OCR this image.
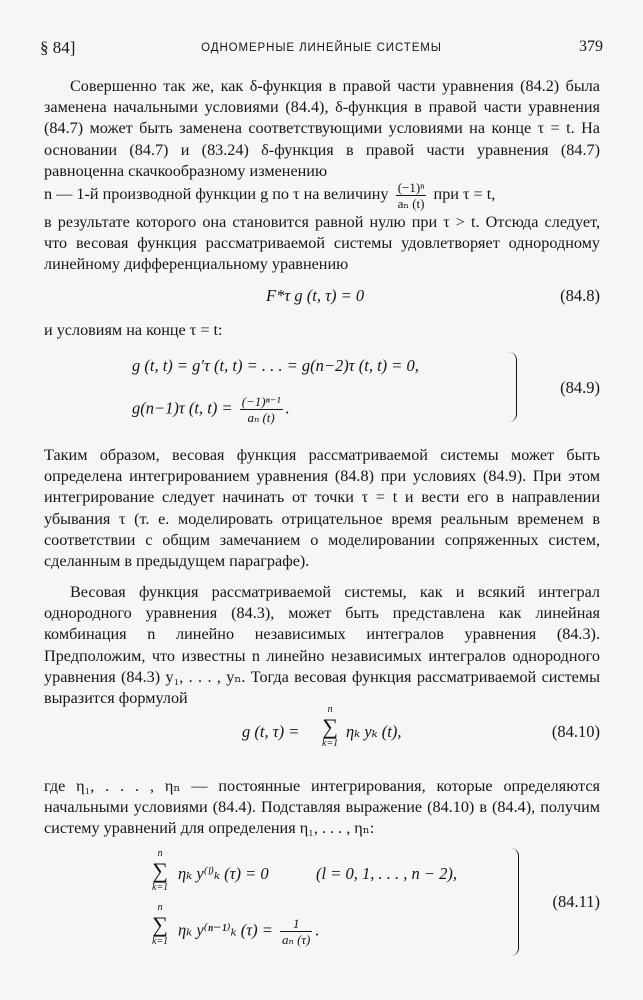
§ 84]	ОДНОМЕРНЫЕ ЛИНЕЙНЫЕ СИСТЕМЫ	379

Совершенно так же, как δ-функция в правой части уравнения (84.2) была заменена начальными условиями (84.4), δ-функция в правой части уравнения (84.7) может быть заменена соответствующими условиями на конце τ = t. На основании (84.7) и (83.24) δ-функция в правой части уравнения (84.7) равноценна скачкообразному изменению

n — 1-й производной функции g по τ на величину $\frac{\text{(−1)ⁿ}}{\text{aₙ (t)}}$ при τ = t,

в результате которого она становится равной нулю при τ > t. Отсюда следует, что весовая функция рассматриваемой системы удовлетворяет однородному линейному дифференциальному уравнению

F*τ g (t, τ) = 0	(84.8)

и условиям на конце τ = t:

g (t, t) = g′τ (t, t) = . . . = g(n−2)τ (t, t) = 0,
g(n−1)τ (t, $t) = \frac{\text{(−1)ⁿ⁻¹}}{\text{aₙ (t)}}$ .
(84.9)

Таким образом, весовая функция рассматриваемой системы может быть определена интегрированием уравнения (84.8) при условиях (84.9). При этом интегрирование следует начинать от точки τ = t и вести его в направлении убывания τ (т. е. моделировать отрицательное время реальным временем в соответствии с общим замечанием о моделировании сопряженных систем, сделанным в предыдущем параграфе).

Весовая функция рассматриваемой системы, как и всякий интеграл однородного уравнения (84.3), может быть представлена как линейная комбинация n линейно независимых интегралов уравнения (84.3). Предположим, что известны n линейно независимых интегралов однородного уравнения (84.3) y₁, . . . , yₙ. Тогда весовая функция рассматриваемой системы выразится формулой

g (t, τ) =
n
∑
k=1
ηₖ yₖ (t),	(84.10)

где η₁, . . . , ηₙ — постоянные интегрирования, которые определяются начальными условиями (84.4). Подставляя выражение (84.10) в (84.4), получим систему уравнений для определения η₁, . . . , ηₙ:

n
∑
k=1
ηₖ y⁽ˡ⁾ₖ (τ) = 0	(l = 0, 1, . . . , n − 2),
n
∑
k=1
ηₖ y⁽ⁿ⁻¹⁾ₖ $(\tau) = \frac{1}{\text{aₙ (τ)}}$ .
(84.11)
